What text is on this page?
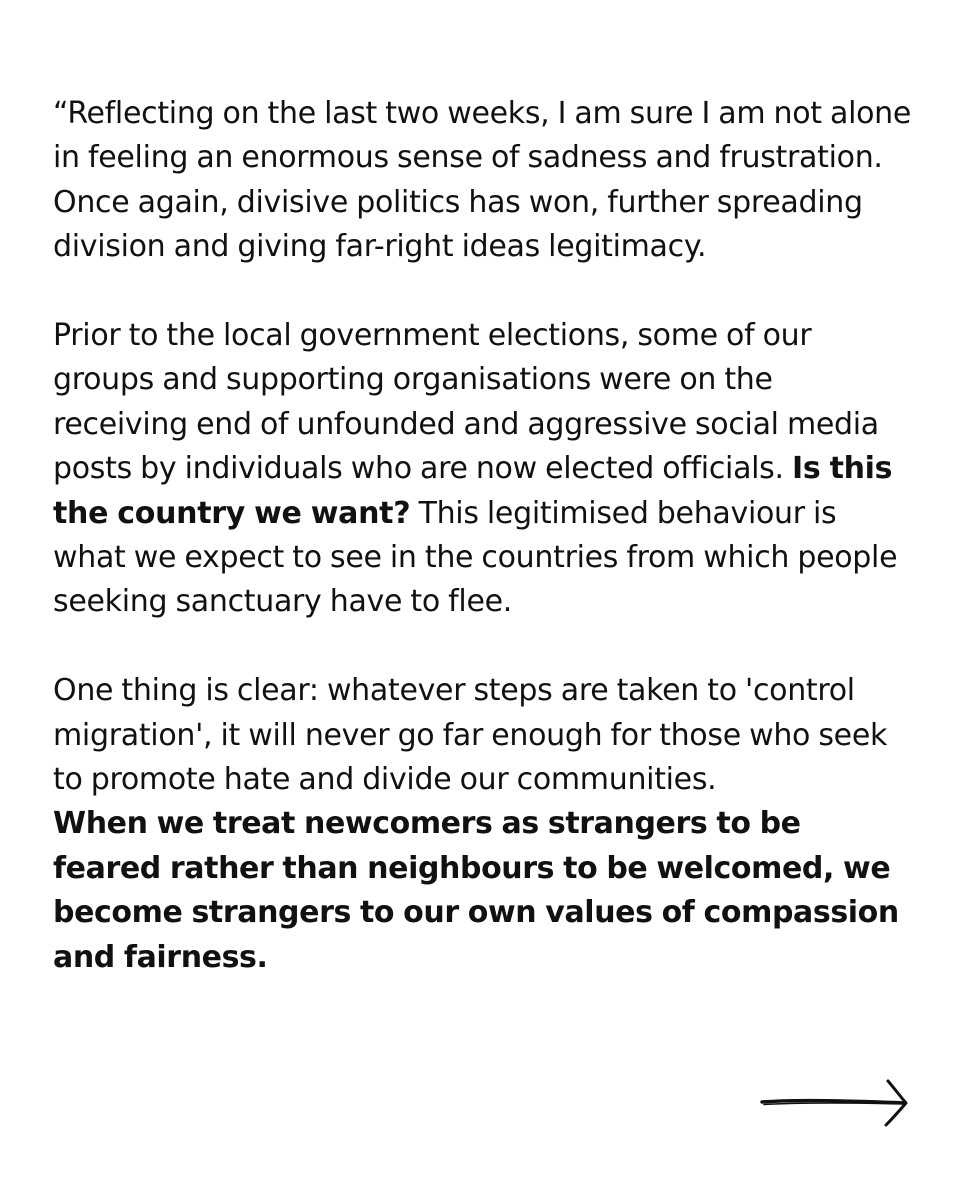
“Reflecting on the last two weeks, I am sure I am not alone in feeling an enormous sense of sadness and frustration. Once again, divisive politics has won, further spreading division and giving far-right ideas legitimacy.

Prior to the local government elections, some of our groups and supporting organisations were on the receiving end of unfounded and aggressive social media posts by individuals who are now elected officials. Is this the country we want? This legitimised behaviour is what we expect to see in the countries from which people seeking sanctuary have to flee.

One thing is clear: whatever steps are taken to 'control migration', it will never go far enough for those who seek to promote hate and divide our communities.
When we treat newcomers as strangers to be feared rather than neighbours to be welcomed, we become strangers to our own values of compassion and fairness.
